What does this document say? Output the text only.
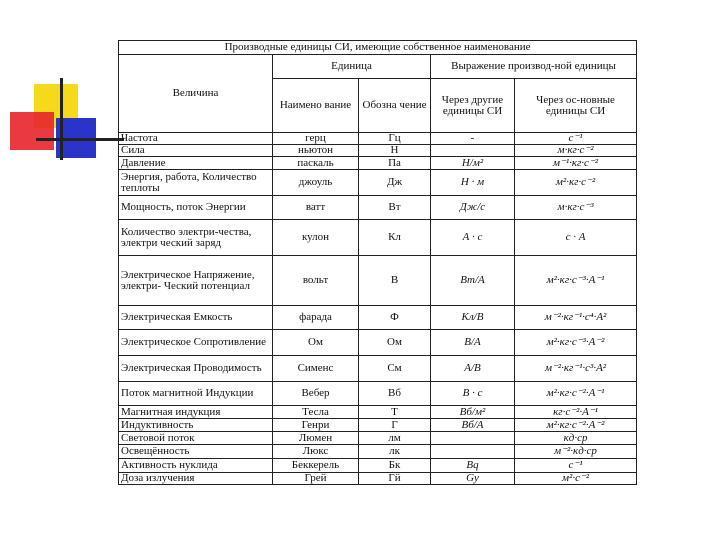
Производные единицы СИ, имеющие собственное наименование				
Величина	Единица		Выражение производ-ной единицы	
	Наимено вание	Обозна чение	Через другие единицы СИ	Через ос-новные единицы СИ
Частота	герц	Гц	-	с⁻¹
Сила	ньютон	Н		м·кг·с⁻²
Давление	паскаль	Па	Н/м²	м⁻¹·кг·с⁻²
Энергия, работа, Количество теплоты	джоуль	Дж	Н · м	м²·кг·с⁻²
Мощность, поток Энергии	ватт	Вт	Дж/с	м·кг·с⁻³
Количество электри-чества, электри ческий заряд	кулон	Кл	А · с	с · А
Электрическое Напряжение, электри- Ческий потенциал	вольт	В	Вт/А	м²·кг·с⁻³·А⁻¹
Электрическая Емкость	фарада	Ф	Кл/В	м⁻²·кг⁻¹·с⁴·А²
Электрическое Сопротивление	Ом	Ом	В/А	м²·кг·с⁻³·А⁻²
Электрическая Проводимость	Сименс	См	А/В	м⁻²·кг⁻¹·с³·А²
Поток магнитной Индукции	Вебер	Вб	В · с	м²·кг·с⁻²·А⁻¹
Магнитная индукция	Тесла	Т	Вб/м²	кг·с⁻²·А⁻¹
Индуктивность	Генри	Г	Вб/А	м²·кг·с⁻²·А⁻²
Световой поток	Люмен	лм		кд·ср
Освещённость	Люкс	лк		м⁻²·кд·ср
Активность нуклида	Беккерель	Бк	Bq	с⁻¹
Доза излучения	Грей	Гй	Gy	м²·с⁻²
